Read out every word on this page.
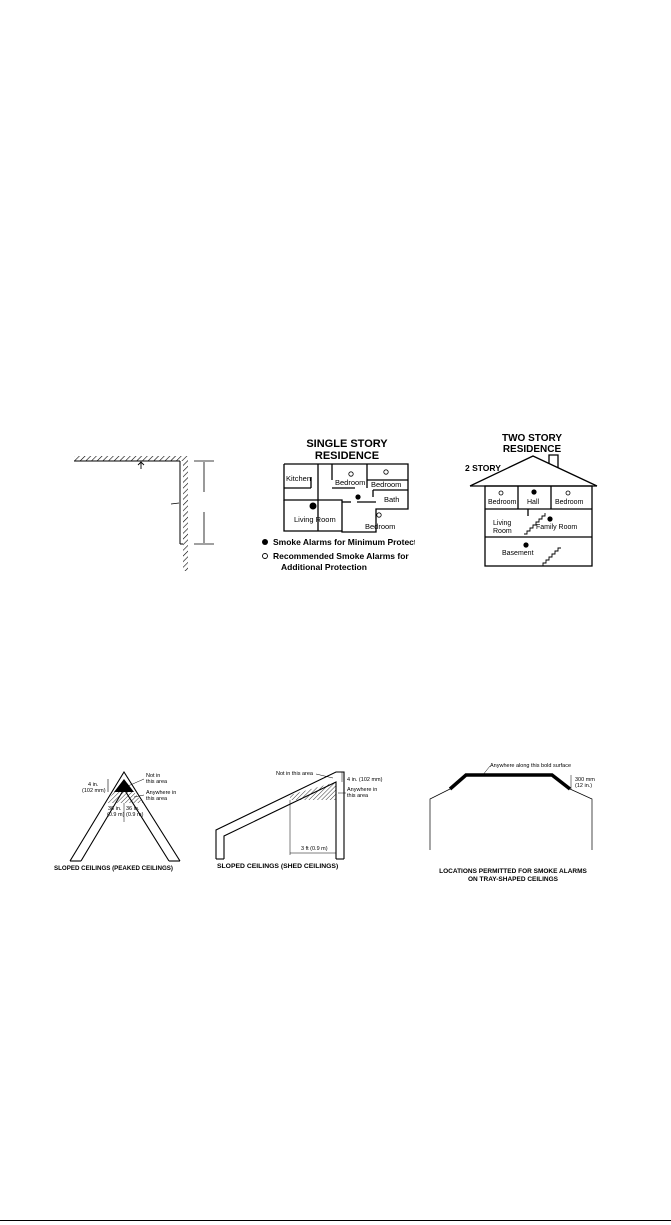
SINGLE STORY
RESIDENCE
Kitchen	Bedroom Bedroom
Bath
Living Room
Bedroom
Smoke Alarms for Minimum Protecti
Recommended Smoke Alarms for
Additional Protection
TWO STORY
RESIDENCE
2 STORY
Bedroom Hall Bedroom
Living
Room
Family Room
Basement
4 in.
(102 mm)
Not in
this area
Anywhere in
this area
36 in.
(0.9 m)
36 in.
(0.9 m)
SLOPED CEILINGS (PEAKED CEILINGS)
3 ft (0.9 m)
Not in this area
4 in. (102 mm)
Anywhere in
this area
SLOPED CEILINGS (SHED CEILINGS)
Anywhere along this bold surface
300 mm
(12 in.)
LOCATIONS PERMITTED FOR SMOKE ALARMS
ON TRAY-SHAPED CEILINGS
